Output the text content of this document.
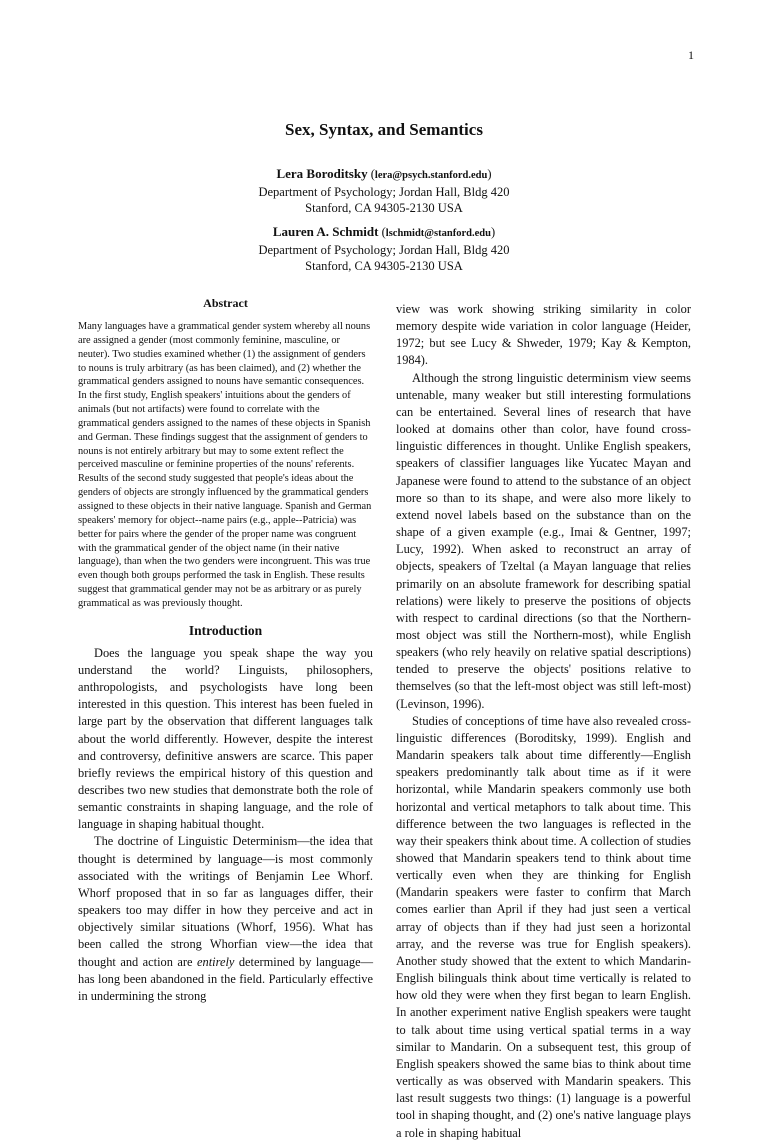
1
Sex, Syntax, and Semantics
Lera Boroditsky (lera@psych.stanford.edu)
Department of Psychology; Jordan Hall, Bldg 420
Stanford, CA 94305-2130 USA
Lauren A. Schmidt (lschmidt@stanford.edu)
Department of Psychology; Jordan Hall, Bldg 420
Stanford, CA 94305-2130 USA
Abstract

Many languages have a grammatical gender system whereby all nouns are assigned a gender (most commonly feminine, masculine, or neuter). Two studies examined whether (1) the assignment of genders to nouns is truly arbitrary (as has been claimed), and (2) whether the grammatical genders assigned to nouns have semantic consequences. In the first study, English speakers' intuitions about the genders of animals (but not artifacts) were found to correlate with the grammatical genders assigned to the names of these objects in Spanish and German. These findings suggest that the assignment of genders to nouns is not entirely arbitrary but may to some extent reflect the perceived masculine or feminine properties of the nouns' referents. Results of the second study suggested that people's ideas about the genders of objects are strongly influenced by the grammatical genders assigned to these objects in their native language. Spanish and German speakers' memory for object--name pairs (e.g., apple--Patricia) was better for pairs where the gender of the proper name was congruent with the grammatical gender of the object name (in their native language), than when the two genders were incongruent. This was true even though both groups performed the task in English. These results suggest that grammatical gender may not be as arbitrary or as purely grammatical as was previously thought.

Introduction

Does the language you speak shape the way you understand the world? Linguists, philosophers, anthropologists, and psychologists have long been interested in this question. This interest has been fueled in large part by the observation that different languages talk about the world differently. However, despite the interest and controversy, definitive answers are scarce. This paper briefly reviews the empirical history of this question and describes two new studies that demonstrate both the role of semantic constraints in shaping language, and the role of language in shaping habitual thought.

The doctrine of Linguistic Determinism—the idea that thought is determined by language—is most commonly associated with the writings of Benjamin Lee Whorf. Whorf proposed that in so far as languages differ, their speakers too may differ in how they perceive and act in objectively similar situations (Whorf, 1956). What has been called the strong Whorfian view—the idea that thought and action are entirely determined by language—has long been abandoned in the field. Particularly effective in undermining the strong

view was work showing striking similarity in color memory despite wide variation in color language (Heider, 1972; but see Lucy & Shweder, 1979; Kay & Kempton, 1984).

Although the strong linguistic determinism view seems untenable, many weaker but still interesting formulations can be entertained. Several lines of research that have looked at domains other than color, have found cross-linguistic differences in thought. Unlike English speakers, speakers of classifier languages like Yucatec Mayan and Japanese were found to attend to the substance of an object more so than to its shape, and were also more likely to extend novel labels based on the substance than on the shape of a given example (e.g., Imai & Gentner, 1997; Lucy, 1992). When asked to reconstruct an array of objects, speakers of Tzeltal (a Mayan language that relies primarily on an absolute framework for describing spatial relations) were likely to preserve the positions of objects with respect to cardinal directions (so that the Northern-most object was still the Northern-most), while English speakers (who rely heavily on relative spatial descriptions) tended to preserve the objects' positions relative to themselves (so that the left-most object was still left-most) (Levinson, 1996).

Studies of conceptions of time have also revealed cross-linguistic differences (Boroditsky, 1999). English and Mandarin speakers talk about time differently—English speakers predominantly talk about time as if it were horizontal, while Mandarin speakers commonly use both horizontal and vertical metaphors to talk about time. This difference between the two languages is reflected in the way their speakers think about time. A collection of studies showed that Mandarin speakers tend to think about time vertically even when they are thinking for English (Mandarin speakers were faster to confirm that March comes earlier than April if they had just seen a vertical array of objects than if they had just seen a horizontal array, and the reverse was true for English speakers). Another study showed that the extent to which Mandarin-English bilinguals think about time vertically is related to how old they were when they first began to learn English. In another experiment native English speakers were taught to talk about time using vertical spatial terms in a way similar to Mandarin. On a subsequent test, this group of English speakers showed the same bias to think about time vertically as was observed with Mandarin speakers. This last result suggests two things: (1) language is a powerful tool in shaping thought, and (2) one's native language plays a role in shaping habitual
